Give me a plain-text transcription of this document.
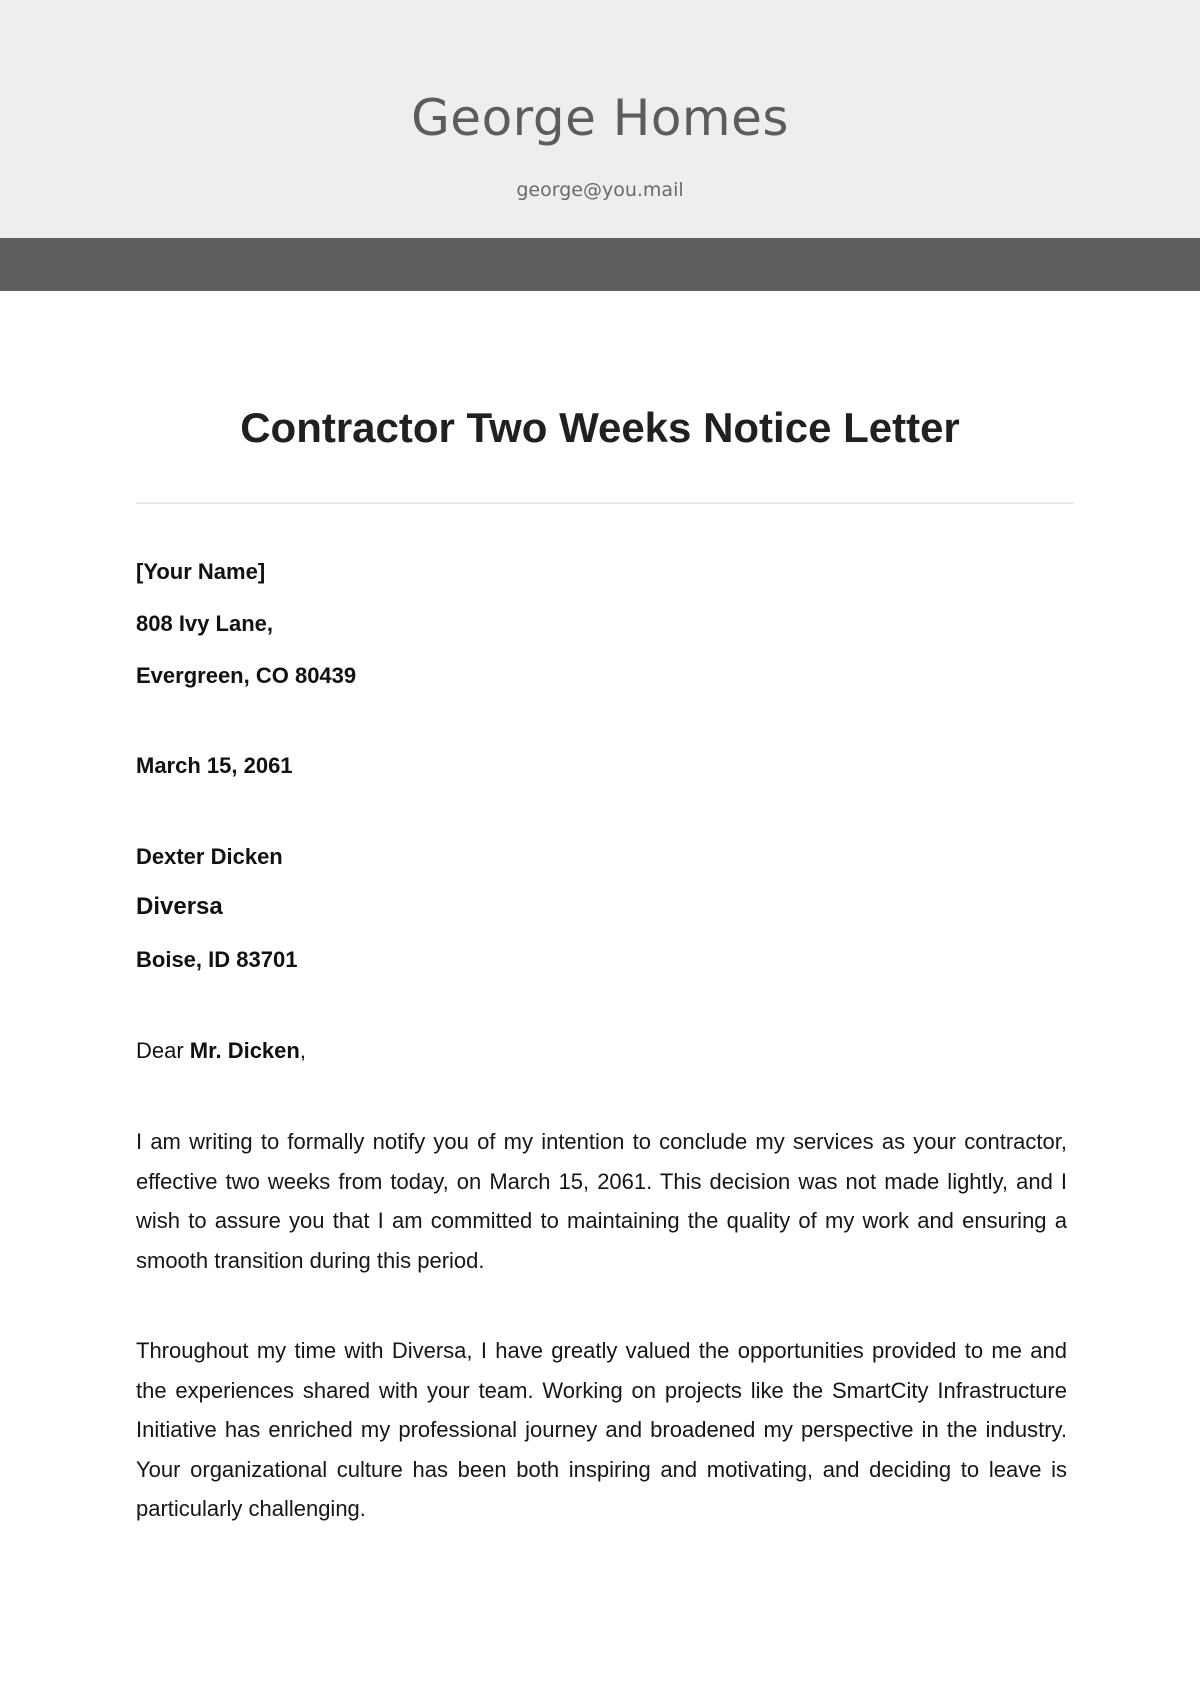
George Homes
george@you.mail
Contractor Two Weeks Notice Letter
[Your Name]
808 Ivy Lane,
Evergreen, CO 80439
March 15, 2061
Dexter Dicken
Diversa
Boise, ID 83701
Dear Mr. Dicken,
I am writing to formally notify you of my intention to conclude my services as your contractor, effective two weeks from today, on March 15, 2061. This decision was not made lightly, and I wish to assure you that I am committed to maintaining the quality of my work and ensuring a smooth transition during this period.
Throughout my time with Diversa, I have greatly valued the opportunities provided to me and the experiences shared with your team. Working on projects like the SmartCity Infrastructure Initiative has enriched my professional journey and broadened my perspective in the industry. Your organizational culture has been both inspiring and motivating, and deciding to leave is particularly challenging.
